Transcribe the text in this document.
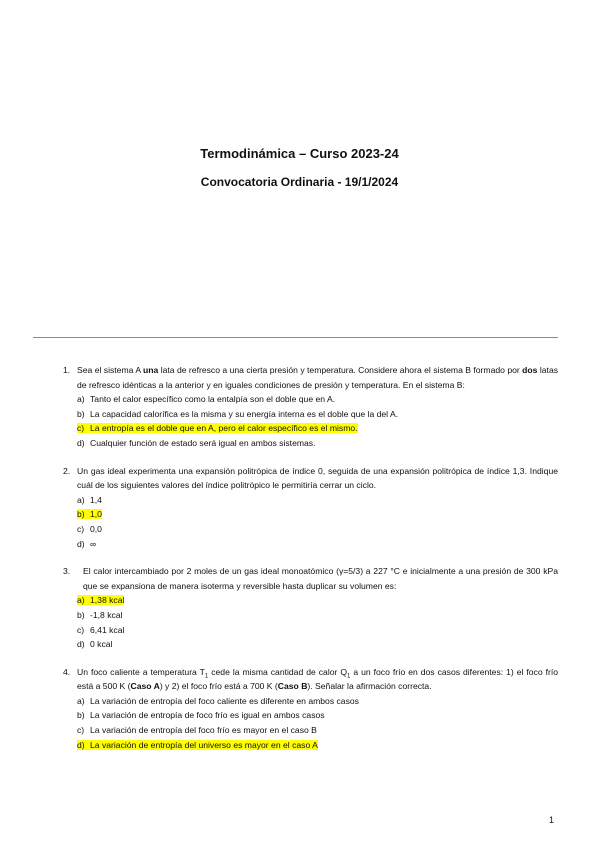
Termodinámica – Curso 2023-24
Convocatoria Ordinaria - 19/1/2024
1. Sea el sistema A una lata de refresco a una cierta presión y temperatura. Considere ahora el sistema B formado por dos latas de refresco idénticas a la anterior y en iguales condiciones de presión y temperatura. En el sistema B:
a) Tanto el calor específico como la entalpía son el doble que en A.
b) La capacidad calorífica es la misma y su energía interna es el doble que la del A.
c) La entropía es el doble que en A, pero el calor específico es el mismo.
d) Cualquier función de estado será igual en ambos sistemas.
2. Un gas ideal experimenta una expansión politrópica de índice 0, seguida de una expansión politrópica de índice 1,3. Indique cuál de los siguientes valores del índice politrópico le permitiría cerrar un ciclo.
a) 1,4
b) 1,0
c) 0,0
d) ∞
3.	El calor intercambiado por 2 moles de un gas ideal monoatómico (γ=5/3) a 227 °C e inicialmente a una presión de 300 kPa que se expansiona de manera isoterma y reversible hasta duplicar su volumen es:
a) 1,38 kcal
b) -1,8 kcal
c) 6,41 kcal
d) 0 kcal
4. Un foco caliente a temperatura $T_1$ cede la misma cantidad de calor $Q_1$ a un foco frío en dos casos diferentes: 1) el foco frío está a 500 K (Caso A) y 2) el foco frío está a 700 K (Caso B). Señalar la afirmación correcta.
a) La variación de entropía del foco caliente es diferente en ambos casos
b) La variación de entropía de foco frío es igual en ambos casos
c) La variación de entropía del foco frío es mayor en el caso B
d) La variación de entropía del universo es mayor en el caso A
1
